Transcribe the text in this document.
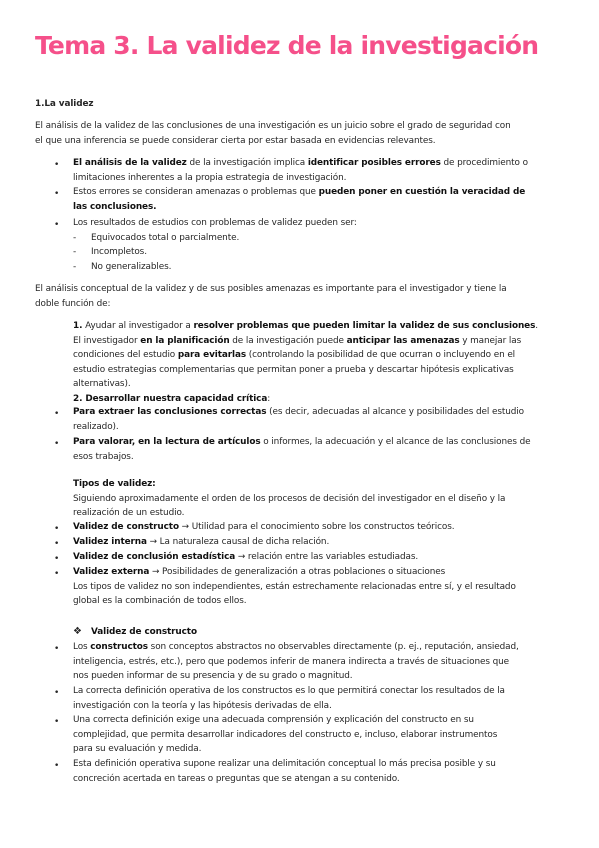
Tema 3. La validez de la investigación
1.La validez
El análisis de la validez de las conclusiones de una investigación es un juicio sobre el grado de seguridad con
el que una inferencia se puede considerar cierta por estar basada en evidencias relevantes.
• El análisis de la validez de la investigación implica identificar posibles errores de procedimiento o
limitaciones inherentes a la propia estrategia de investigación.
• Estos errores se consideran amenazas o problemas que pueden poner en cuestión la veracidad de
las conclusiones.
• Los resultados de estudios con problemas de validez pueden ser:
-	Equivocados total o parcialmente.
-	Incompletos.
-	No generalizables.
El análisis conceptual de la validez y de sus posibles amenazas es importante para el investigador y tiene la
doble función de:
1. Ayudar al investigador a resolver problemas que pueden limitar la validez de sus conclusiones.
El investigador en la planificación de la investigación puede anticipar las amenazas y manejar las
condiciones del estudio para evitarlas (controlando la posibilidad de que ocurran o incluyendo en el
estudio estrategias complementarias que permitan poner a prueba y descartar hipótesis explicativas
alternativas).
2. Desarrollar nuestra capacidad crítica:
• Para extraer las conclusiones correctas (es decir, adecuadas al alcance y posibilidades del estudio
realizado).
• Para valorar, en la lectura de artículos o informes, la adecuación y el alcance de las conclusiones de
esos trabajos.
Tipos de validez:
Siguiendo aproximadamente el orden de los procesos de decisión del investigador en el diseño y la
realización de un estudio.
• Validez de constructo → Utilidad para el conocimiento sobre los constructos teóricos.
• Validez interna → La naturaleza causal de dicha relación.
• Validez de conclusión estadística → relación entre las variables estudiadas.
• Validez externa → Posibilidades de generalización a otras poblaciones o situaciones
Los tipos de validez no son independientes, están estrechamente relacionadas entre sí, y el resultado
global es la combinación de todos ellos.
❖ Validez de constructo
• Los constructos son conceptos abstractos no observables directamente (p. ej., reputación, ansiedad,
inteligencia, estrés, etc.), pero que podemos inferir de manera indirecta a través de situaciones que
nos pueden informar de su presencia y de su grado o magnitud.
• La correcta definición operativa de los constructos es lo que permitirá conectar los resultados de la
investigación con la teoría y las hipótesis derivadas de ella.
• Una correcta definición exige una adecuada comprensión y explicación del constructo en su
complejidad, que permita desarrollar indicadores del constructo e, incluso, elaborar instrumentos
para su evaluación y medida.
• Esta definición operativa supone realizar una delimitación conceptual lo más precisa posible y su
concreción acertada en tareas o preguntas que se atengan a su contenido.
